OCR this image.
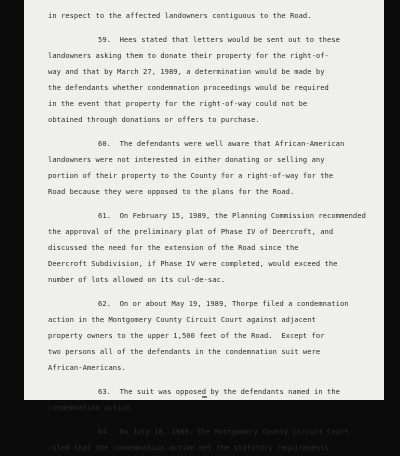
in respect to the affected landowners contiguous to the Road.
59.  Hees stated that letters would be sent out to these
landowners asking them to donate their property for the right-of-
way and that by March 27, 1989, a determination would be made by
the defendants whether condemnation proceedings would be required
in the event that property for the right-of-way could not be
obtained through donations or offers to purchase.
60.  The defendants were well aware that African-American
landowners were not interested in either donating or selling any
portion of their property to the County for a right-of-way for the
Road because they were opposed to the plans for the Road.
61.  On February 15, 1989, the Planning Commission recommended
the approval of the preliminary plat of Phase IV of Deercroft, and
discussed the need for the extension of the Road since the
Deercroft Subdivision, if Phase IV were completed, would exceed the
number of lots allowed on its cul-de-sac.
62.  On or about May 19, 1989, Thorpe filed a condemnation
action in the Montgomery County Circuit Court against adjacent
property owners to the upper 1,500 feet of the Road.  Except for
two persons all of the defendants in the condemnation suit were
African-Americans.
63.  The suit was opposed by the defendants named in the
condemnation action.
64.  On July 18, 1989, the Montgomery County Circuit Court
ruled that the condemnation action met the statutory requirements
